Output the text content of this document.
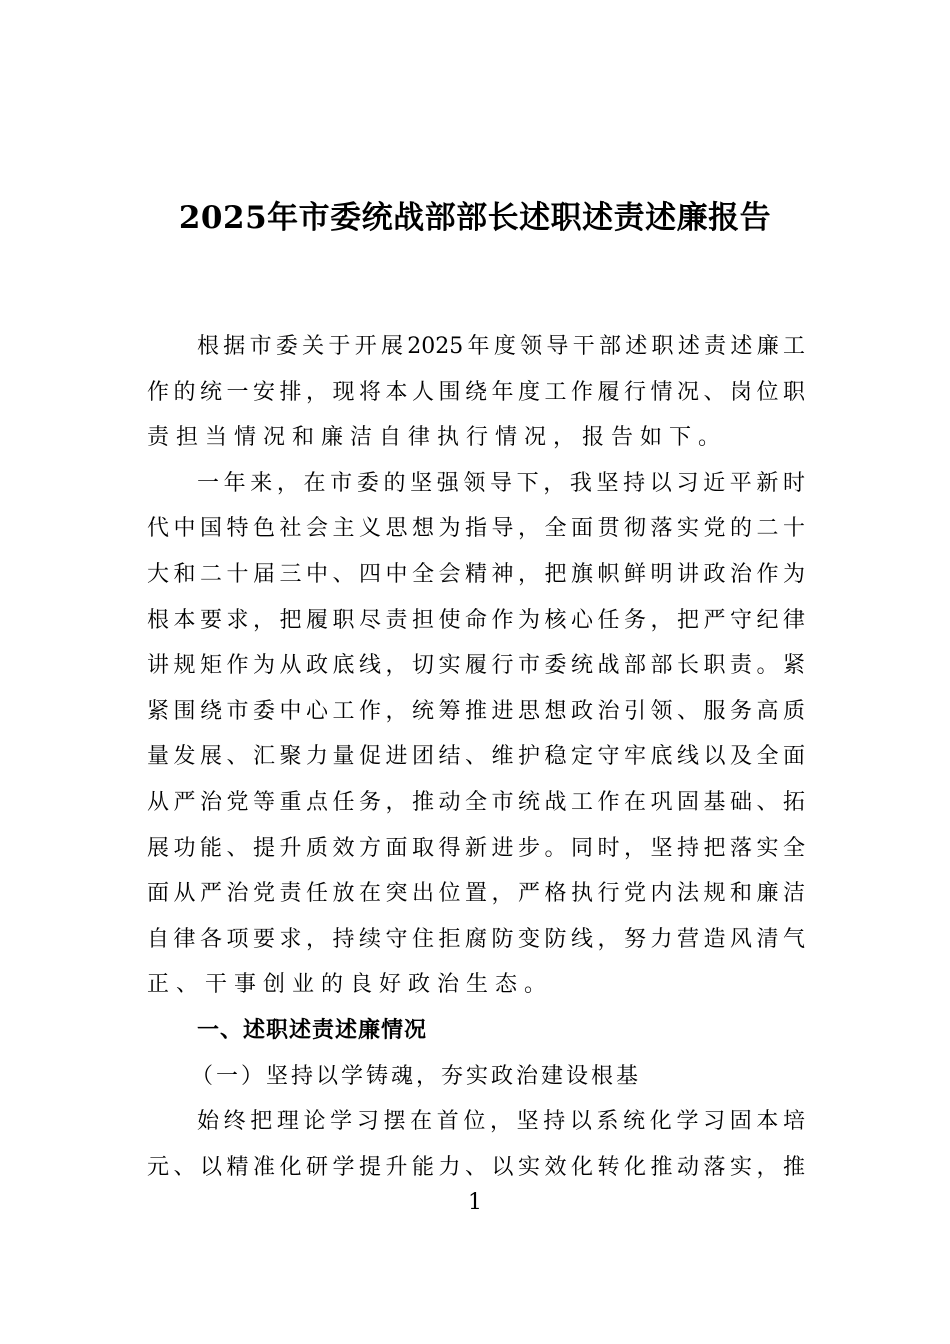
2025年市委统战部部长述职述责述廉报告
根据市委关于开展2025年度领导干部述职述责述廉工
作的统一安排，现将本人围绕年度工作履行情况、岗位职
责担当情况和廉洁自律执行情况，报告如下。
一年来，在市委的坚强领导下，我坚持以习近平新时
代中国特色社会主义思想为指导，全面贯彻落实党的二十
大和二十届三中、四中全会精神，把旗帜鲜明讲政治作为
根本要求，把履职尽责担使命作为核心任务，把严守纪律
讲规矩作为从政底线，切实履行市委统战部部长职责。紧
紧围绕市委中心工作，统筹推进思想政治引领、服务高质
量发展、汇聚力量促进团结、维护稳定守牢底线以及全面
从严治党等重点任务，推动全市统战工作在巩固基础、拓
展功能、提升质效方面取得新进步。同时，坚持把落实全
面从严治党责任放在突出位置，严格执行党内法规和廉洁
自律各项要求，持续守住拒腐防变防线，努力营造风清气
正、干事创业的良好政治生态。
一、述职述责述廉情况
（一）坚持以学铸魂，夯实政治建设根基
始终把理论学习摆在首位，坚持以系统化学习固本培
元、以精准化研学提升能力、以实效化转化推动落实，推
1
